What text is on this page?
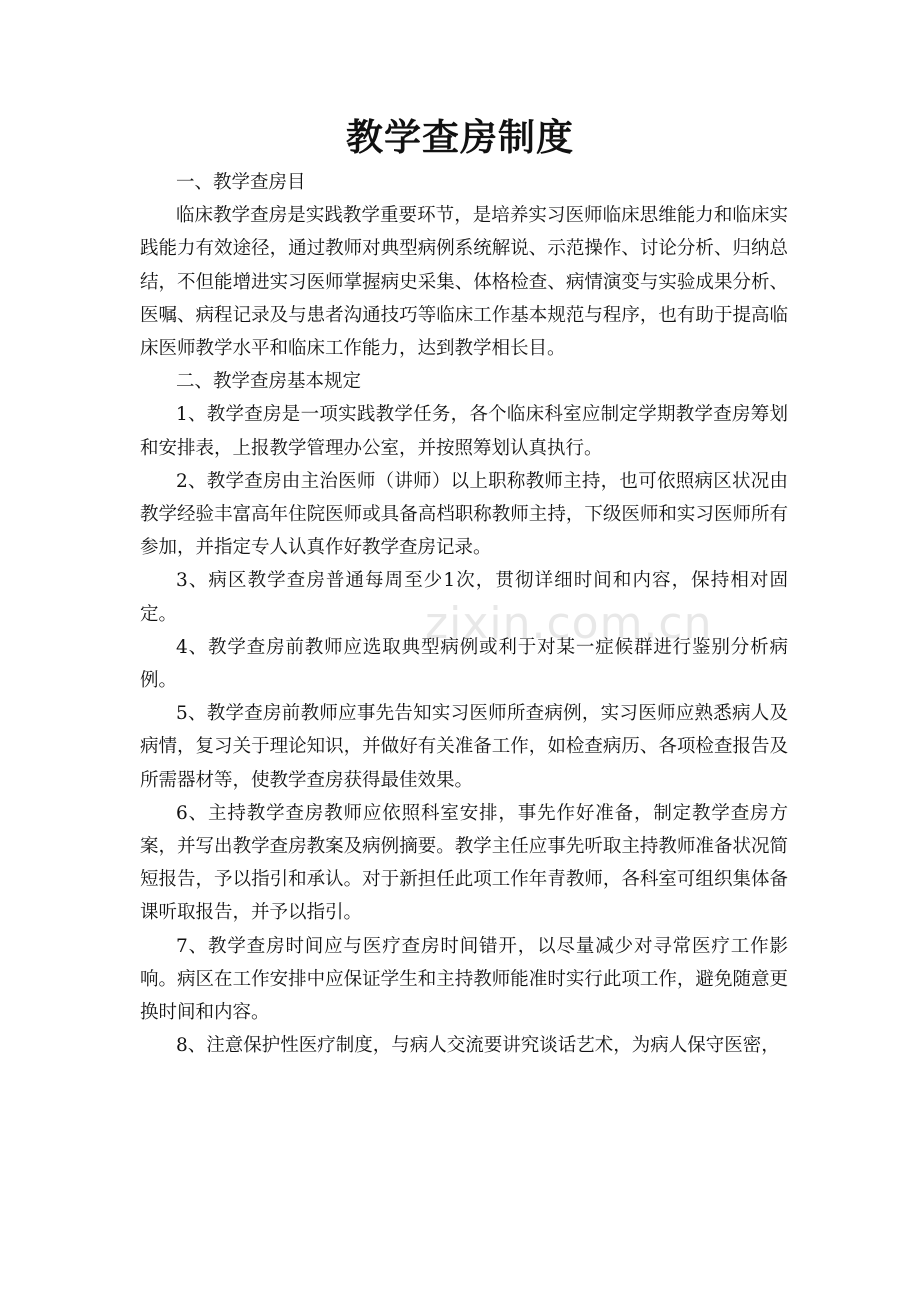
教学查房制度

一、教学查房目

临床教学查房是实践教学重要环节，是培养实习医师临床思维能力和临床实践能力有效途径，通过教师对典型病例系统解说、示范操作、讨论分析、归纳总结，不但能增进实习医师掌握病史采集、体格检查、病情演变与实验成果分析、医嘱、病程记录及与患者沟通技巧等临床工作基本规范与程序，也有助于提高临床医师教学水平和临床工作能力，达到教学相长目。

二、教学查房基本规定

1、教学查房是一项实践教学任务，各个临床科室应制定学期教学查房筹划和安排表，上报教学管理办公室，并按照筹划认真执行。

2、教学查房由主治医师（讲师）以上职称教师主持，也可依照病区状况由教学经验丰富高年住院医师或具备高档职称教师主持，下级医师和实习医师所有参加，并指定专人认真作好教学查房记录。

3、病区教学查房普通每周至少1次，贯彻详细时间和内容，保持相对固定。

4、教学查房前教师应选取典型病例或利于对某一症候群进行鉴别分析病例。

5、教学查房前教师应事先告知实习医师所查病例，实习医师应熟悉病人及病情，复习关于理论知识，并做好有关准备工作，如检查病历、各项检查报告及所需器材等，使教学查房获得最佳效果。

6、主持教学查房教师应依照科室安排，事先作好准备，制定教学查房方案，并写出教学查房教案及病例摘要。教学主任应事先听取主持教师准备状况简短报告，予以指引和承认。对于新担任此项工作年青教师，各科室可组织集体备课听取报告，并予以指引。

7、教学查房时间应与医疗查房时间错开，以尽量减少对寻常医疗工作影响。病区在工作安排中应保证学生和主持教师能准时实行此项工作，避免随意更换时间和内容。

8、注意保护性医疗制度，与病人交流要讲究谈话艺术，为病人保守医密，

zixin.com.cn
